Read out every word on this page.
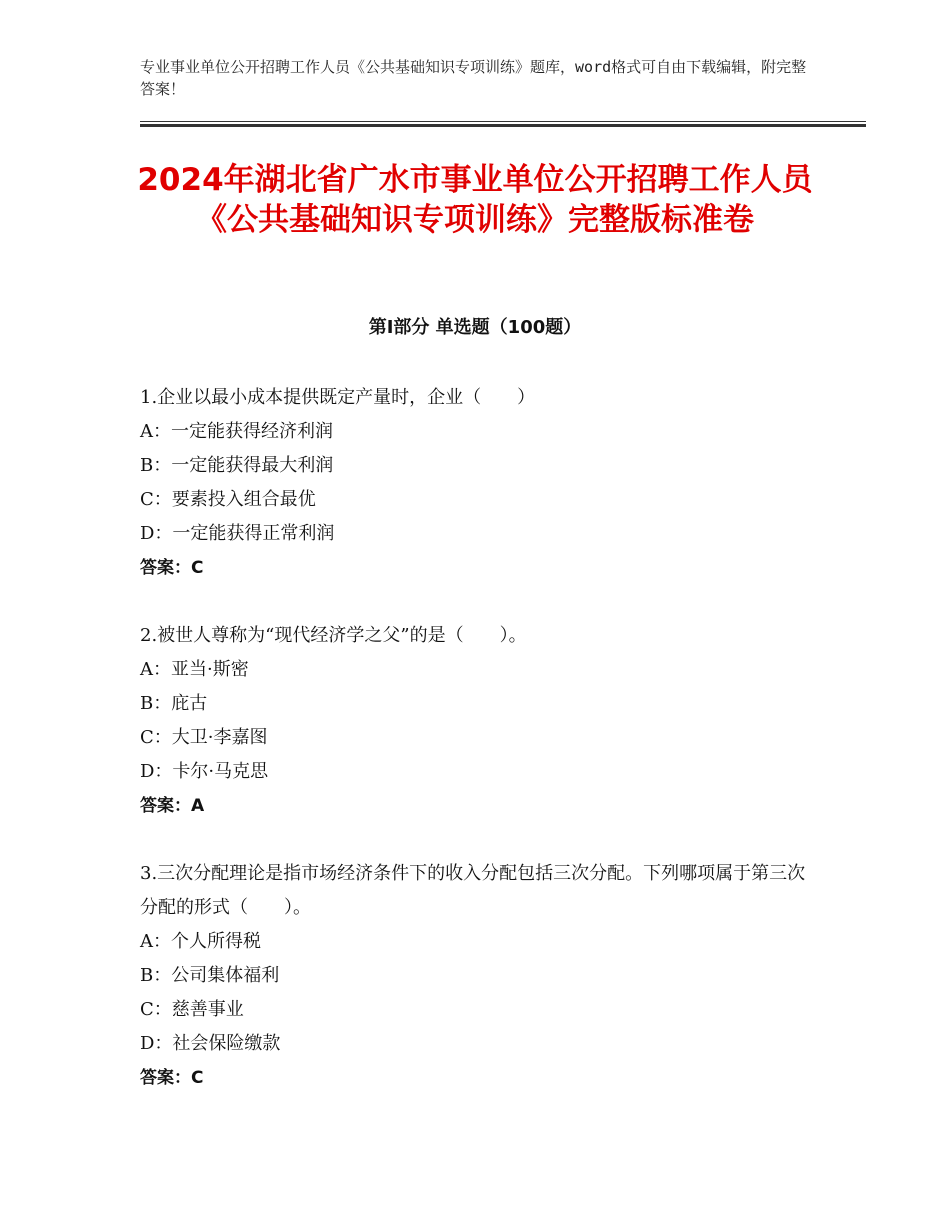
专业事业单位公开招聘工作人员《公共基础知识专项训练》题库，word格式可自由下载编辑，附完整答案！
2024年湖北省广水市事业单位公开招聘工作人员《公共基础知识专项训练》完整版标准卷
第Ⅰ部分 单选题（100题）

1.企业以最小成本提供既定产量时，企业（　　）

A：一定能获得经济利润

B：一定能获得最大利润

C：要素投入组合最优

D：一定能获得正常利润

答案：C

2.被世人尊称为“现代经济学之父”的是（　　）。

A：亚当·斯密

B：庇古

C：大卫·李嘉图

D：卡尔·马克思

答案：A

3.三次分配理论是指市场经济条件下的收入分配包括三次分配。下列哪项属于第三次分配的形式（　　）。

A：个人所得税

B：公司集体福利

C：慈善事业

D：社会保险缴款

答案：C
